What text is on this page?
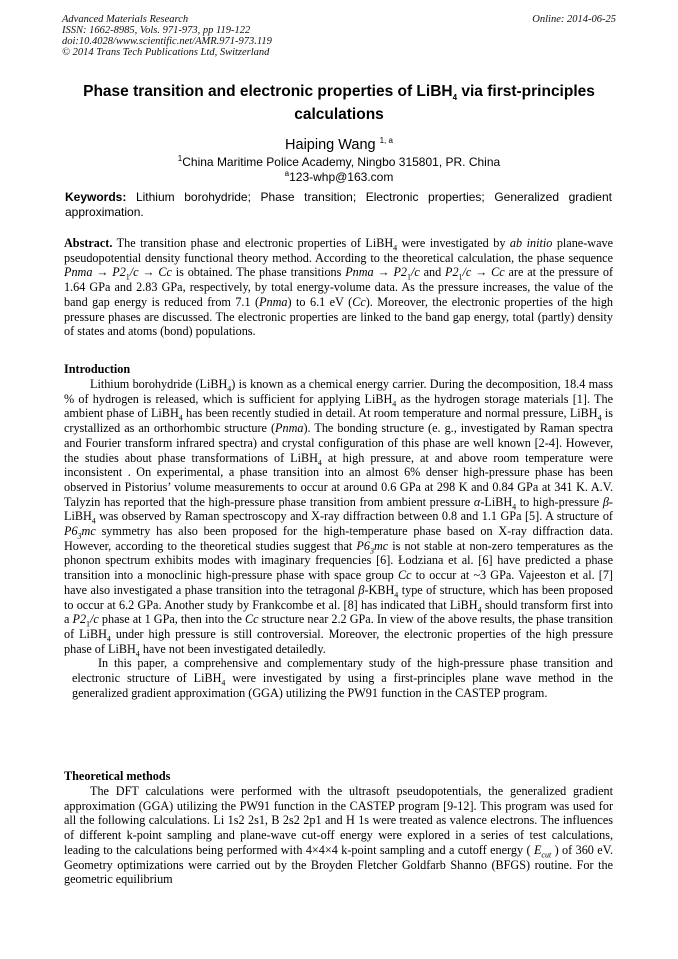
Advanced Materials Research
ISSN: 1662-8985, Vols. 971-973, pp 119-122
doi:10.4028/www.scientific.net/AMR.971-973.119
© 2014 Trans Tech Publications Ltd, Switzerland
Online: 2014-06-25
Phase transition and electronic properties of LiBH$_4$ via first-principles
calculations
Haiping Wang $^{1, a}$
$^1$China Maritime Police Academy, Ningbo 315801, PR. China
$^a$123-whp@163.com
Keywords: Lithium borohydride; Phase transition; Electronic properties; Generalized gradient approximation.
Abstract. The transition phase and electronic properties of LiBH$_4$ were investigated by ab initio plane-wave pseudopotential density functional theory method. According to the theoretical calculation, the phase sequence Pnma → $P2_1/c \to Cc$ is obtained. The phase transitions Pnma → $P2_1/c$ and $P2_1/c \to Cc$ are at the pressure of 1.64 GPa and 2.83 GPa, respectively, by total energy-volume data. As the pressure increases, the value of the band gap energy is reduced from 7.1 (Pnma) to 6.1 eV (Cc). Moreover, the electronic properties of the high pressure phases are discussed. The electronic properties are linked to the band gap energy, total (partly) density of states and atoms (bond) populations.
Introduction
Lithium borohydride (LiBH$_4$) is known as a chemical energy carrier. During the decomposition, 18.4 mass % of hydrogen is released, which is sufficient for applying LiBH$_4$ as the hydrogen storage materials [1]. The ambient phase of LiBH$_4$ has been recently studied in detail. At room temperature and normal pressure, LiBH$_4$ is crystallized as an orthorhombic structure (Pnma). The bonding structure (e. g., investigated by Raman spectra and Fourier transform infrared spectra) and crystal configuration of this phase are well known [2-4]. However, the studies about phase transformations of LiBH$_4$ at high pressure, at and above room temperature were inconsistent . On experimental, a phase transition into an almost 6% denser high-pressure phase has been observed in Pistorius’ volume measurements to occur at around 0.6 GPa at 298 K and 0.84 GPa at 341 K. A.V. Talyzin has reported that the high-pressure phase transition from ambient pressure α-LiBH$_4$ to high-pressure β-LiBH$_4$ was observed by Raman spectroscopy and X-ray diffraction between 0.8 and 1.1 GPa [5]. A structure of $P6_3mc$ symmetry has also been proposed for the high-temperature phase based on X-ray diffraction data. However, according to the theoretical studies suggest that $P6_3mc$ is not stable at non-zero temperatures as the phonon spectrum exhibits modes with imaginary frequencies [6]. Łodziana et al. [6] have predicted a phase transition into a monoclinic high-pressure phase with space group Cc to occur at ~3 GPa. Vajeeston et al. [7] have also investigated a phase transition into the tetragonal $\beta-KBH_4$ type of structure, which has been proposed to occur at 6.2 GPa. Another study by Frankcombe et al. [8] has indicated that LiBH$_4$ should transform first into a $P2_1/c$ phase at 1 GPa, then into the Cc structure near 2.2 GPa. In view of the above results, the phase transition of LiBH$_4$ under high pressure is still controversial. Moreover, the electronic properties of the high pressure phase of LiBH$_4$ have not been investigated detailedly.
In this paper, a comprehensive and complementary study of the high-pressure phase transition and electronic structure of LiBH$_4$ were investigated by using a first-principles plane wave method in the generalized gradient approximation (GGA) utilizing the PW91 function in the CASTEP program.
Theoretical methods
The DFT calculations were performed with the ultrasoft pseudopotentials, the generalized gradient approximation (GGA) utilizing the PW91 function in the CASTEP program [9-12]. This program was used for all the following calculations. Li 1s2 2s1, B 2s2 2p1 and H 1s were treated as valence electrons. The influences of different k-point sampling and plane-wave cut-off energy were explored in a series of test calculations, leading to the calculations being performed with 4×4×4 k-point sampling and a cutoff energy ( $E_{cut}$ ) of 360 eV. Geometry optimizations were carried out by the Broyden Fletcher Goldfarb Shanno (BFGS) routine. For the geometric equilibrium
